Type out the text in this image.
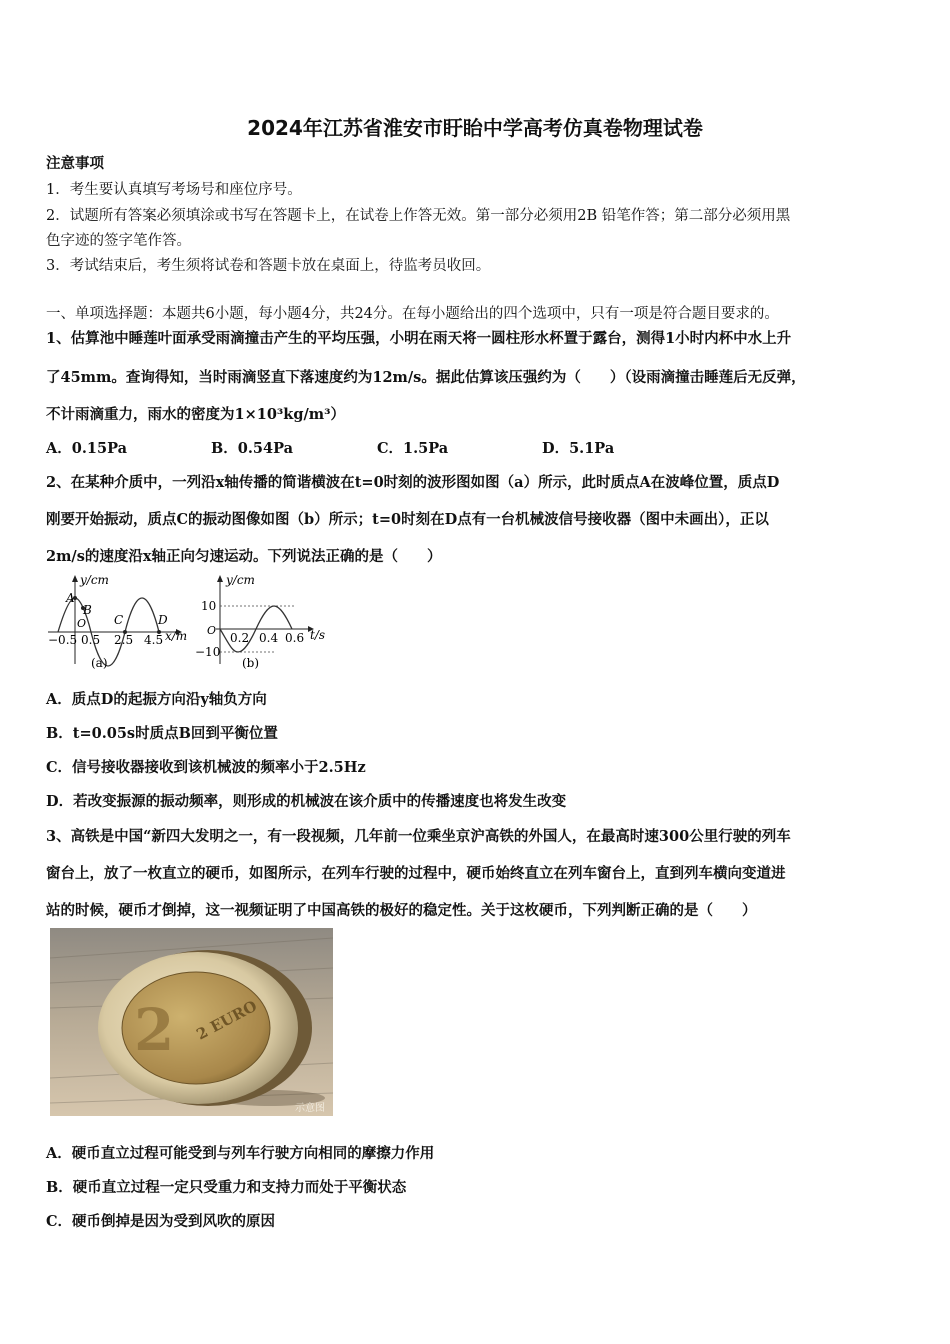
2024年江苏省淮安市盱眙中学高考仿真卷物理试卷
注意事项
1．考生要认真填写考场号和座位序号。
2．试题所有答案必须填涂或书写在答题卡上，在试卷上作答无效。第一部分必须用2B 铅笔作答；第二部分必须用黑
色字迹的签字笔作答。
3．考试结束后，考生须将试卷和答题卡放在桌面上，待监考员收回。
一、单项选择题：本题共6小题，每小题4分，共24分。在每小题给出的四个选项中，只有一项是符合题目要求的。
1、估算池中睡莲叶面承受雨滴撞击产生的平均压强，小明在雨天将一圆柱形水杯置于露台，测得1小时内杯中水上升
了45mm。查询得知，当时雨滴竖直下落速度约为12m/s。据此估算该压强约为（　　）（设雨滴撞击睡莲后无反弹，
不计雨滴重力，雨水的密度为1×10³kg/m³）
A．0.15Pa	B．0.54Pa	C．1.5Pa	D．5.1Pa
2、在某种介质中，一列沿x轴传播的简谐横波在t=0时刻的波形图如图（a）所示，此时质点A在波峰位置，质点D
刚要开始振动，质点C的振动图像如图（b）所示；t=0时刻在D点有一台机械波信号接收器（图中未画出），正以
2m/s的速度沿x轴正向匀速运动。下列说法正确的是（　　）
y/cm
x/m
A
B
C	D
O
−0.5 0.5 2.5 4.5
(a)
y/cm
t/s
10
−10
O
0.2 0.4 0.6
(b)
A．质点D的起振方向沿y轴负方向
B．t=0.05s时质点B回到平衡位置
C．信号接收器接收到该机械波的频率小于2.5Hz
D．若改变振源的振动频率，则形成的机械波在该介质中的传播速度也将发生改变
3、高铁是中国“新四大发明之一，有一段视频，几年前一位乘坐京沪高铁的外国人，在最高时速300公里行驶的列车
窗台上，放了一枚直立的硬币，如图所示，在列车行驶的过程中，硬币始终直立在列车窗台上，直到列车横向变道进
站的时候，硬币才倒掉，这一视频证明了中国高铁的极好的稳定性。关于这枚硬币，下列判断正确的是（　　）
2 2 EURO
示意图
A．硬币直立过程可能受到与列车行驶方向相同的摩擦力作用
B．硬币直立过程一定只受重力和支持力而处于平衡状态
C．硬币倒掉是因为受到风吹的原因
